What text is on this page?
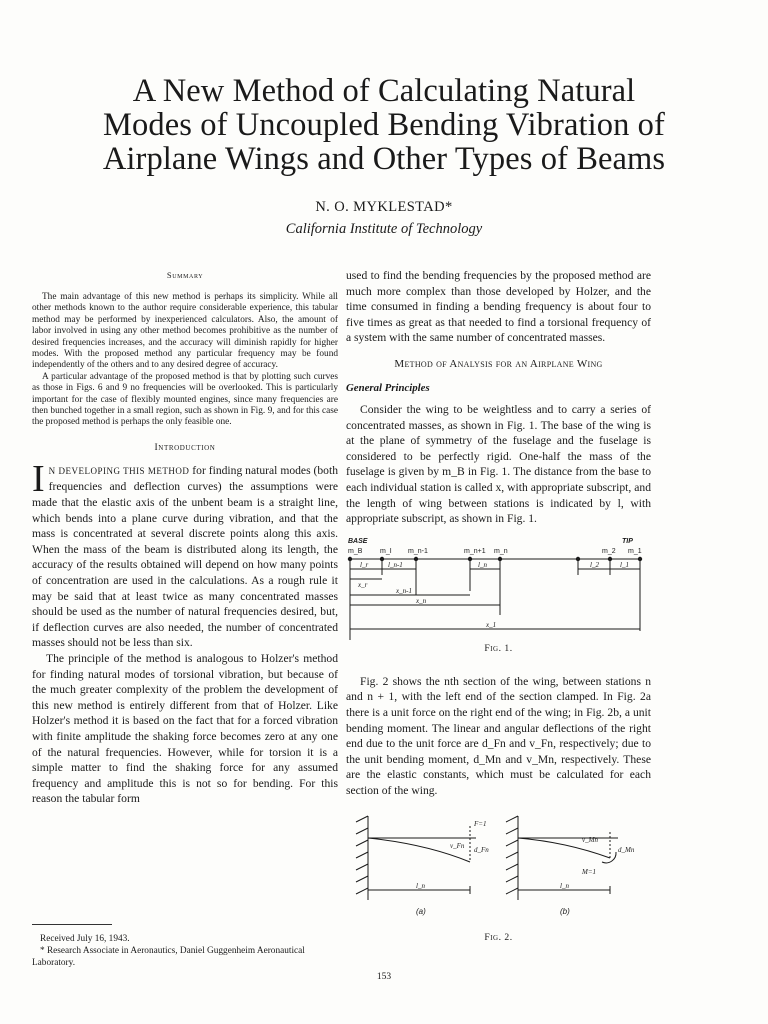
A New Method of Calculating Natural
Modes of Uncoupled Bending Vibration of
Airplane Wings and Other Types of Beams
N. O. MYKLESTAD*
California Institute of Technology
Summary

The main advantage of this new method is perhaps its simplicity. While all other methods known to the author require considerable experience, this tabular method may be performed by inexperienced calculators. Also, the amount of labor involved in using any other method becomes prohibitive as the number of desired frequencies increases, and the accuracy will diminish rapidly for higher modes. With the proposed method any particular frequency may be found independently of the others and to any desired degree of accuracy.

A particular advantage of the proposed method is that by plotting such curves as those in Figs. 6 and 9 no frequencies will be overlooked. This is particularly important for the case of flexibly mounted engines, since many frequencies are then bunched together in a small region, such as shown in Fig. 9, and for this case the proposed method is perhaps the only feasible one.

Introduction

IN DEVELOPING THIS METHOD for finding natural modes (both frequencies and deflection curves) the assumptions were made that the elastic axis of the unbent beam is a straight line, which bends into a plane curve during vibration, and that the mass is concentrated at several discrete points along this axis. When the mass of the beam is distributed along its length, the accuracy of the results obtained will depend on how many points of concentration are used in the calculations. As a rough rule it may be said that at least twice as many concentrated masses should be used as the number of natural frequencies desired, but, if deflection curves are also needed, the number of concentrated masses should not be less than six.

The principle of the method is analogous to Holzer's method for finding natural modes of torsional vibration, but because of the much greater complexity of the problem the development of this new method is entirely different from that of Holzer. Like Holzer's method it is based on the fact that for a forced vibration with finite amplitude the shaking force becomes zero at any one of the natural frequencies. However, while for torsion it is a simple matter to find the shaking force for any assumed frequency and amplitude this is not so for bending. For this reason the tabular form

Received July 16, 1943.

* Research Associate in Aeronautics, Daniel Guggenheim Aeronautical Laboratory.

used to find the bending frequencies by the proposed method are much more complex than those developed by Holzer, and the time consumed in finding a bending frequency is about four to five times as great as that needed to find a torsional frequency of a system with the same number of concentrated masses.

Method of Analysis for an Airplane Wing
General Principles

Consider the wing to be weightless and to carry a series of concentrated masses, as shown in Fig. 1. The base of the wing is at the plane of symmetry of the fuselage and the fuselage is considered to be perfectly rigid. One-half the mass of the fuselage is given by m_B in Fig. 1. The distance from the base to each individual station is called x, with appropriate subscript, and the length of wing between stations is indicated by l, with appropriate subscript, as shown in Fig. 1.

BASE	TIP
m_B	m_I m_n-1	m_n+1 m_n	m_2 m_1
l_r	l_n-1	l_n
x_r
x_n-1
x_n
x_1
l_2	l_1
Fig. 1.

Fig. 2 shows the nth section of the wing, between stations n and n + 1, with the left end of the section clamped. In Fig. 2a there is a unit force on the right end of the wing; in Fig. 2b, a unit bending moment. The linear and angular deflections of the right end due to the unit force are d_Fn and v_Fn, respectively; due to the unit bending moment, d_Mn and v_Mn, respectively. These are the elastic constants, which must be calculated for each section of the wing.

F=1
v_Fn d_Fn
l_n
v_Mn
d_Mn
M=1
l_n
(a)	(b)
Fig. 2.
153
